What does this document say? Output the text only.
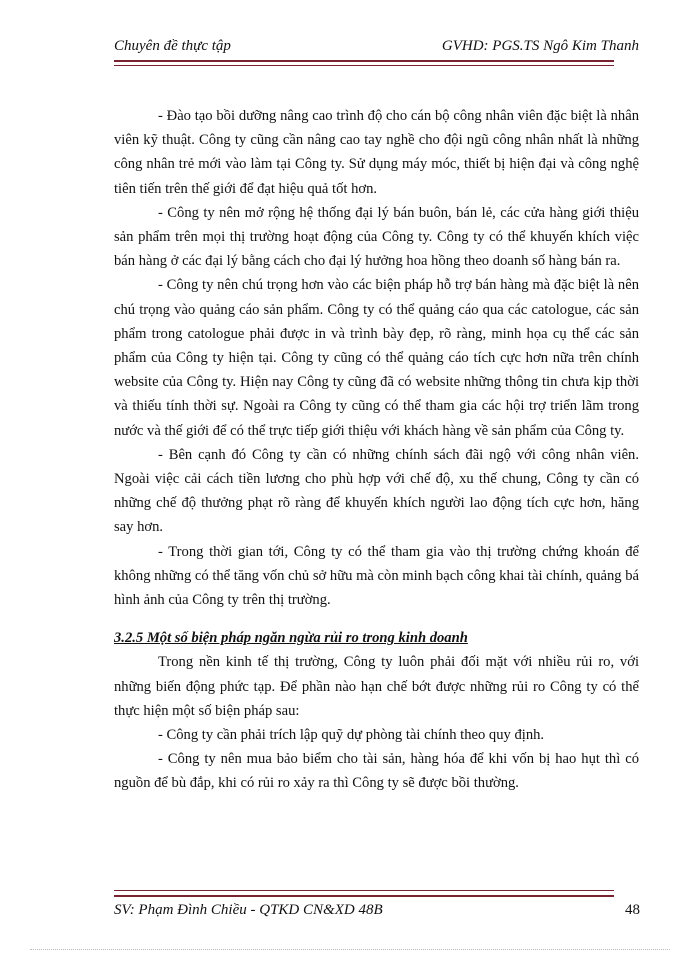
Chuyên đề thực tập	GVHD: PGS.TS Ngô Kim Thanh

- Đào tạo bồi dưỡng nâng cao trình độ cho cán bộ công nhân viên đặc biệt là nhân viên kỹ thuật. Công ty cũng cần nâng cao tay nghề cho đội ngũ công nhân nhất là những công nhân trẻ mới vào làm tại Công ty. Sử dụng máy móc, thiết bị hiện đại và công nghệ tiên tiến trên thế giới để đạt hiệu quả tốt hơn.

- Công ty nên mở rộng hệ thống đại lý bán buôn, bán lẻ, các cửa hàng giới thiệu sản phẩm trên mọi thị trường hoạt động của Công ty. Công ty có thể khuyến khích việc bán hàng ở các đại lý bằng cách cho đại lý hưởng hoa hồng theo doanh số hàng bán ra.

- Công ty nên chú trọng hơn vào các biện pháp hỗ trợ bán hàng mà đặc biệt là nên chú trọng vào quảng cáo sản phẩm. Công ty có thể quảng cáo qua các catologue, các sản phẩm trong catologue phải được in và trình bày đẹp, rõ ràng, minh họa cụ thể các sản phẩm của Công ty hiện tại. Công ty cũng có thể quảng cáo tích cực hơn nữa trên chính website của Công ty. Hiện nay Công ty cũng đã có website những thông tin chưa kịp thời và thiếu tính thời sự. Ngoài ra Công ty cũng có thể tham gia các hội trợ triển lãm trong nước và thế giới để có thể trực tiếp giới thiệu với khách hàng về sản phẩm của Công ty.

- Bên cạnh đó Công ty cần có những chính sách đãi ngộ với công nhân viên. Ngoài việc cải cách tiền lương cho phù hợp với chế độ, xu thế chung, Công ty cần có những chế độ thưởng phạt rõ ràng để khuyến khích người lao động tích cực hơn, hăng say hơn.

- Trong thời gian tới, Công ty có thể tham gia vào thị trường chứng khoán để không những có thể tăng vốn chủ sở hữu mà còn minh bạch công khai tài chính, quảng bá hình ảnh của Công ty trên thị trường.

3.2.5 Một số biện pháp ngăn ngừa rủi ro trong kinh doanh

Trong nền kinh tế thị trường, Công ty luôn phải đối mặt với nhiều rủi ro, với những biến động phức tạp. Để phần nào hạn chế bớt được những rủi ro Công ty có thể thực hiện một số biện pháp sau:

- Công ty cần phải trích lập quỹ dự phòng tài chính theo quy định.

- Công ty nên mua bảo biểm cho tài sản, hàng hóa để khi vốn bị hao hụt thì có nguồn để bù đắp, khi có rủi ro xảy ra thì Công ty sẽ được bồi thường.

SV: Phạm Đình Chiều - QTKD CN&XD 48B	48
